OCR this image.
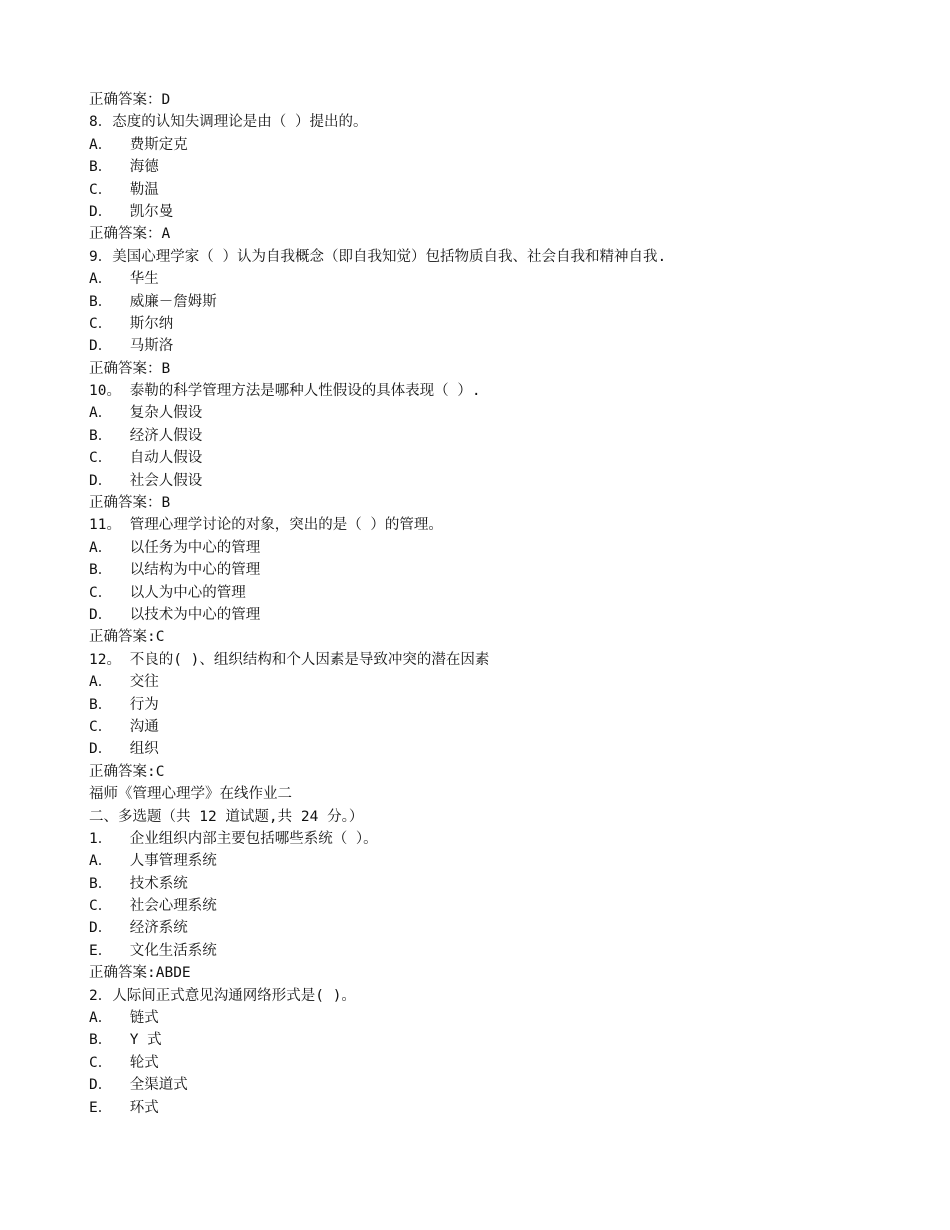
正确答案：D
8．态度的认知失调理论是由（ ）提出的。
A．  费斯定克
B．  海德
C．  勒温
D．  凯尔曼
正确答案：A
9．美国心理学家（ ）认为自我概念（即自我知觉）包括物质自我、社会自我和精神自我.
A．  华生
B．  威廉－詹姆斯
C．  斯尔纳
D．  马斯洛
正确答案：B
10。 泰勒的科学管理方法是哪种人性假设的具体表现（ ）.
A．  复杂人假设
B．  经济人假设
C．  自动人假设
D．  社会人假设
正确答案：B
11。 管理心理学讨论的对象，突出的是（ ）的管理。
A．  以任务为中心的管理
B．  以结构为中心的管理
C．  以人为中心的管理
D．  以技术为中心的管理
正确答案:C
12。 不良的( )、组织结构和个人因素是导致冲突的潜在因素
A．  交往
B．  行为
C．  沟通
D．  组织
正确答案:C
福师《管理心理学》在线作业二
二、多选题（共 12 道试题,共 24 分。）
1．  企业组织内部主要包括哪些系统（ ）。
A．  人事管理系统
B．  技术系统
C．  社会心理系统
D．  经济系统
E．  文化生活系统
正确答案:ABDE
2．人际间正式意见沟通网络形式是( )。
A．  链式
B．  Y 式
C．  轮式
D．  全渠道式
E．  环式
